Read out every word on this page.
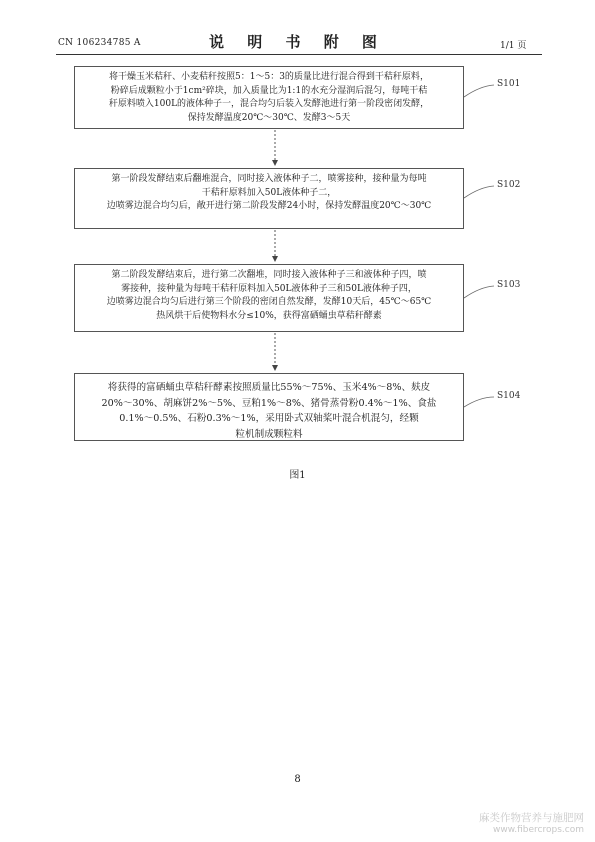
CN 106234785 A	说 明 书 附 图	1/1 页
将干燥玉米秸秆、小麦秸秆按照5：1～5：3的质量比进行混合得到干秸秆原料，
粉碎后成颗粒小于1cm²碎块，加入质量比为1:1的水充分湿润后混匀，每吨干秸
秆原料喷入100L的液体种子一，混合均匀后装入发酵池进行第一阶段密闭发酵，
保持发酵温度20℃～30℃、发酵3～5天
S101
第一阶段发酵结束后翻堆混合，同时接入液体种子二，喷雾接种，接种量为每吨
干秸秆原料加入50L液体种子二，
边喷雾边混合均匀后，敞开进行第二阶段发酵24小时，保持发酵温度20℃～30℃
S102
第二阶段发酵结束后，进行第二次翻堆，同时接入液体种子三和液体种子四，喷
雾接种，接种量为每吨干秸秆原料加入50L液体种子三和50L液体种子四，
边喷雾边混合均匀后进行第三个阶段的密闭自然发酵，发酵10天后，45℃～65℃
热风烘干后使物料水分≤10%，获得富硒蛹虫草秸秆酵素
S103
将获得的富硒蛹虫草秸秆酵素按照质量比55%～75%、玉米4%～8%、麸皮
20%～30%、胡麻饼2%～5%、豆粕1%～8%、猪骨蒸骨粉0.4%～1%、食盐
0.1%～0.5%、石粉0.3%～1%，采用卧式双轴桨叶混合机混匀，经颗
粒机制成颗粒料
S104
图1
8
麻类作物营养与施肥网
www.fibercrops.com
